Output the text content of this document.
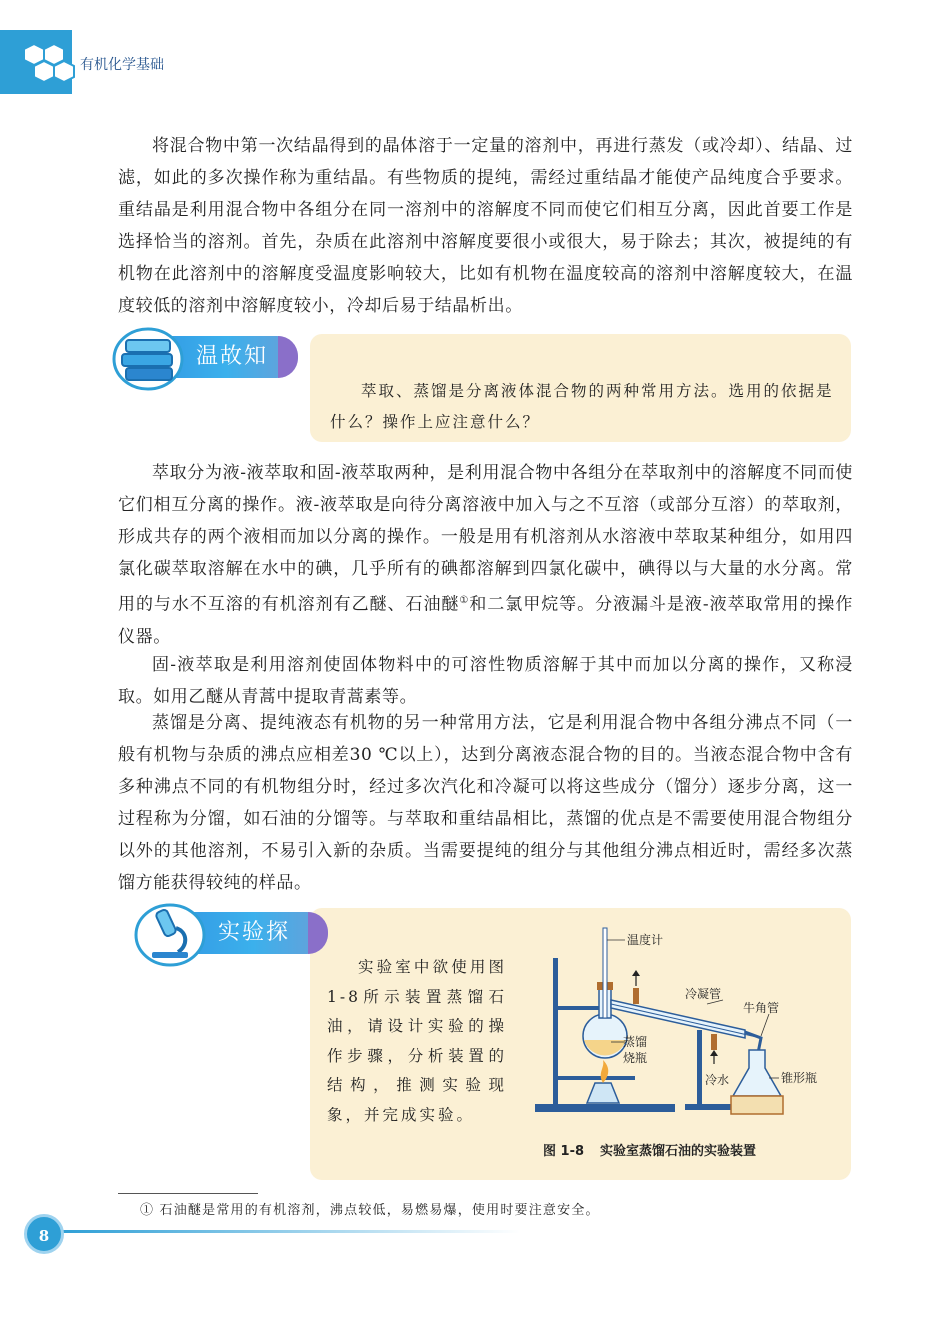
有机化学基础

将混合物中第一次结晶得到的晶体溶于一定量的溶剂中，再进行蒸发（或冷却）、结晶、过滤，如此的多次操作称为重结晶。有些物质的提纯，需经过重结晶才能使产品纯度合乎要求。重结晶是利用混合物中各组分在同一溶剂中的溶解度不同而使它们相互分离，因此首要工作是选择恰当的溶剂。首先，杂质在此溶剂中溶解度要很小或很大，易于除去；其次，被提纯的有机物在此溶剂中的溶解度受温度影响较大，比如有机物在温度较高的溶剂中溶解度较大，在温度较低的溶剂中溶解度较小，冷却后易于结晶析出。

温故知新	萃取、蒸馏是分离液体混合物的两种常用方法。选用的依据是什么？操作上应注意什么？

萃取分为液-液萃取和固-液萃取两种，是利用混合物中各组分在萃取剂中的溶解度不同而使它们相互分离的操作。液-液萃取是向待分离溶液中加入与之不互溶（或部分互溶）的萃取剂，形成共存的两个液相而加以分离的操作。一般是用有机溶剂从水溶液中萃取某种组分，如用四氯化碳萃取溶解在水中的碘，几乎所有的碘都溶解到四氯化碳中，碘得以与大量的水分离。常用的与水不互溶的有机溶剂有乙醚、石油醚①和二氯甲烷等。分液漏斗是液-液萃取常用的操作仪器。

固-液萃取是利用溶剂使固体物料中的可溶性物质溶解于其中而加以分离的操作，又称浸取。如用乙醚从青蒿中提取青蒿素等。

蒸馏是分离、提纯液态有机物的另一种常用方法，它是利用混合物中各组分沸点不同（一般有机物与杂质的沸点应相差30 ℃以上），达到分离液态混合物的目的。当液态混合物中含有多种沸点不同的有机物组分时，经过多次汽化和冷凝可以将这些成分（馏分）逐步分离，这一过程称为分馏，如石油的分馏等。与萃取和重结晶相比，蒸馏的优点是不需要使用混合物组分以外的其他溶剂，不易引入新的杂质。当需要提纯的组分与其他组分沸点相近时，需经多次蒸馏方能获得较纯的样品。

实验探究	实验室中欲使用图1-8所示装置蒸馏石油，请设计实验的操作步骤，分析装置的结构，推测实验现象，并完成实验。

温度计
冷凝管
牛角管
蒸馏
烧瓶
冷水	锥形瓶
图 1-8 实验室蒸馏石油的实验装置
① 石油醚是常用的有机溶剂，沸点较低，易燃易爆，使用时要注意安全。
8
